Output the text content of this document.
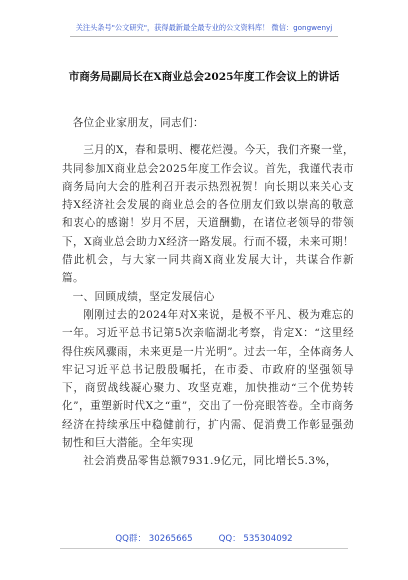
关注头条号"公文研究"，获得最新最全最专业的公文资料库！ 微信：gongwenyj
市商务局副局长在X商业总会2025年度工作会议上的讲话

各位企业家朋友，同志们：

三月的X，春和景明、樱花烂漫。今天，我们齐聚一堂，共同参加X商业总会2025年度工作会议。首先，我谨代表市商务局向大会的胜利召开表示热烈祝贺！向长期以来关心支持X经济社会发展的商业总会的各位朋友们致以崇高的敬意和衷心的感谢！岁月不居，天道酬勤，在诸位老领导的带领下，X商业总会助力X经济一路发展。行而不辍，未来可期！借此机会，与大家一同共商X商业发展大计，共谋合作新篇。

一、回顾成绩，坚定发展信心

刚刚过去的2024年对X来说，是极不平凡、极为难忘的一年。习近平总书记第5次亲临湖北考察，肯定X：“这里经得住疾风骤雨，未来更是一片光明”。过去一年，全体商务人牢记习近平总书记殷殷嘱托，在市委、市政府的坚强领导下，商贸战线凝心聚力、攻坚克难，加快推动“三个优势转化”，重塑新时代X之“重”，交出了一份亮眼答卷。全市商务经济在持续承压中稳健前行，扩内需、促消费工作彰显强劲韧性和巨大潜能。全年实现

社会消费品零售总额7931.9亿元，同比增长5.3%，

QQ群： 30265665	QQ： 535304092
